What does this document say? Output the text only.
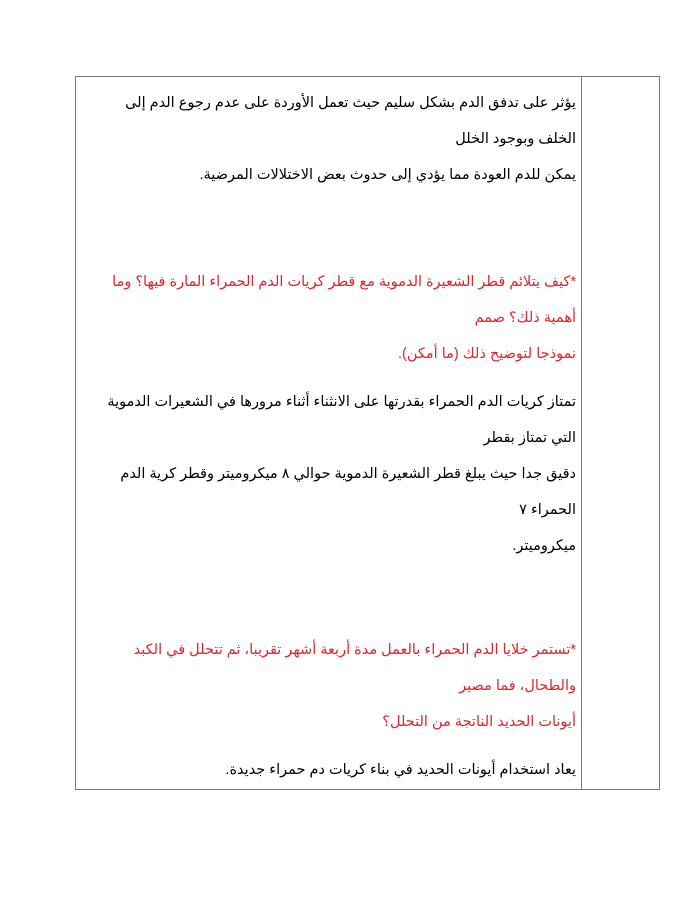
يؤثر على تدفق الدم بشكل سليم حيث تعمل الأوردة على عدم رجوع الدم إلى الخلف وبوجود الخلل

يمكن للدم العودة مما يؤدي إلى حدوث بعض الاختلالات المرضية.

*كيف يتلائم قطر الشعيرة الدموية مع قطر كريات الدم الحمراء المارة فيها؟ وما أهمية ذلك؟ صمم

نموذجا لتوضيح ذلك (ما أمكن).

تمتاز كريات الدم الحمراء بقدرتها على الانثناء أثناء مرورها في الشعيرات الدموية التي تمتاز بقطر

دقيق جدا حيث يبلغ قطر الشعيرة الدموية حوالي ٨ ميكروميتر وقطر كرية الدم الحمراء ٧

ميكروميتر.

*تستمر خلايا الدم الحمراء بالعمل مدة أربعة أشهر تقريبا، ثم تتحلل في الكبد والطحال، فما مصير

أيونات الحديد الناتجة من التحلل؟

يعاد استخدام أيونات الحديد في بناء كريات دم حمراء جديدة.
